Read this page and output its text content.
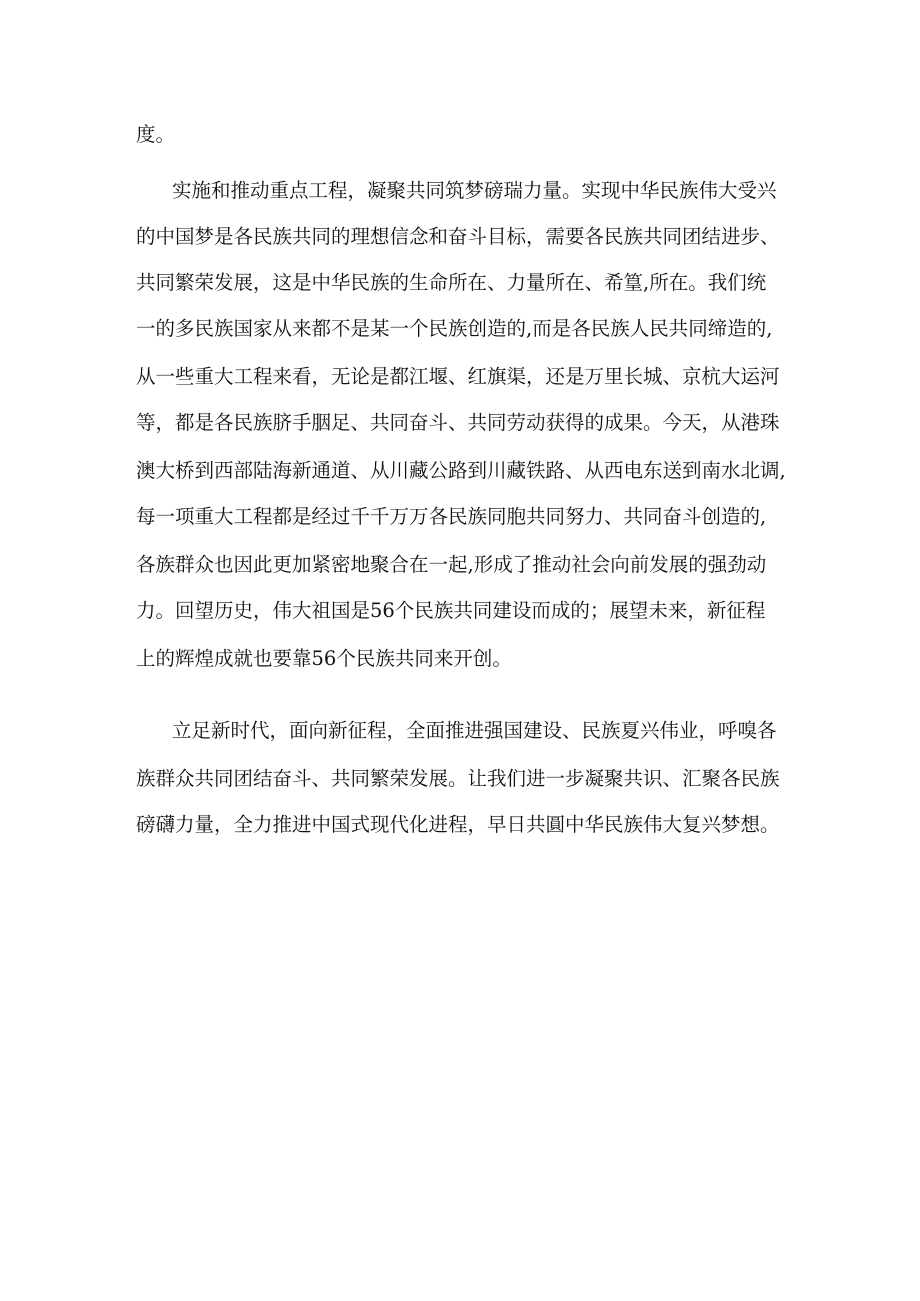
度。
实施和推动重点工程，凝聚共同筑梦磅瑞力量。实现中华民族伟大受兴
的中国梦是各民族共同的理想信念和奋斗目标，需要各民族共同团结进步、
共同繁荣发展，这是中华民族的生命所在、力量所在、希篁,所在。我们统
一的多民族国家从来都不是某一个民族创造的,而是各民族人民共同缔造的,
从一些重大工程来看，无论是都江堰、红旗渠，还是万里长城、京杭大运河
等，都是各民族脐手胭足、共同奋斗、共同劳动获得的成果。今天，从港珠
澳大桥到西部陆海新通道、从川藏公路到川藏铁路、从西电东送到南水北调,
每一项重大工程都是经过千千万万各民族同胞共同努力、共同奋斗创造的,
各族群众也因此更加紧密地聚合在一起,形成了推动社会向前发展的强劲动
力。回望历史，伟大祖国是56个民族共同建设而成的；展望未来，新征程
上的辉煌成就也要靠56个民族共同来开创。
立足新时代，面向新征程，全面推进强国建设、民族夏兴伟业，呼嗅各
族群众共同团结奋斗、共同繁荣发展。让我们进一步凝聚共识、汇聚各民族
磅礴力量，全力推进中国式现代化进程，早日共圓中华民族伟大复兴梦想。
